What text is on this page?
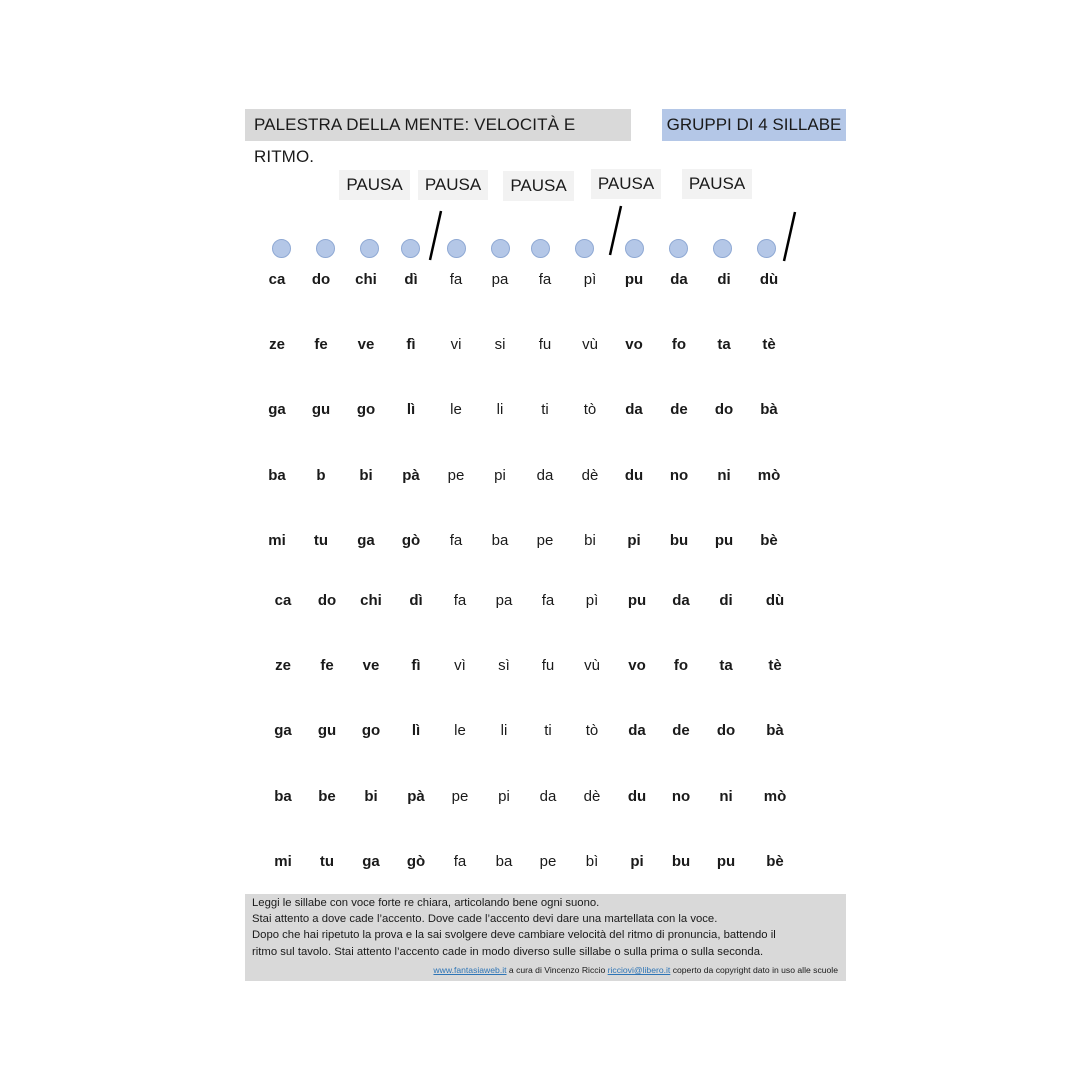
PALESTRA DELLA MENTE: VELOCITÀ E RITMO.
GRUPPI DI 4 SILLABE
PAUSA	PAUSA	PAUSA	PAUSA	PAUSA
ca	do	chi	dì	fa	pa	fa	pì	pu	da	di	dù
ze	fe	ve	fì	vi	si	fu	vù	vo	fo	ta	tè
ga	gu	go	lì	le	li	ti	tò	da	de	do	bà
ba	b	bi	pà	pe	pi	da	dè	du	no	ni	mò
mi	tu	ga	gò	fa	ba	pe	bi	pi	bu	pu	bè
ca	do	chi	dì	fa	pa	fa	pì	pu	da	di	dù
ze	fe	ve	fì	vì	sì	fu	vù	vo	fo	ta	tè
ga	gu	go	lì	le	li	ti	tò	da	de	do	bà
ba	be	bi	pà	pe	pi	da	dè	du	no	ni	mò
mi	tu	ga	gò	fa	ba	pe	bì	pi	bu	pu	bè
Leggi le sillabe con voce forte re chiara, articolando bene ogni suono.
Stai attento a dove cade l’accento. Dove cade l’accento devi dare una martellata con la voce.
Dopo che hai ripetuto la prova e la sai svolgere deve cambiare velocità del ritmo di pronuncia, battendo il
ritmo sul tavolo. Stai attento l’accento cade in modo diverso sulle sillabe o sulla prima o sulla seconda.
www.fantasiaweb.it a cura di Vincenzo Riccio ricciovi@libero.it coperto da copyright dato in uso alle scuole
